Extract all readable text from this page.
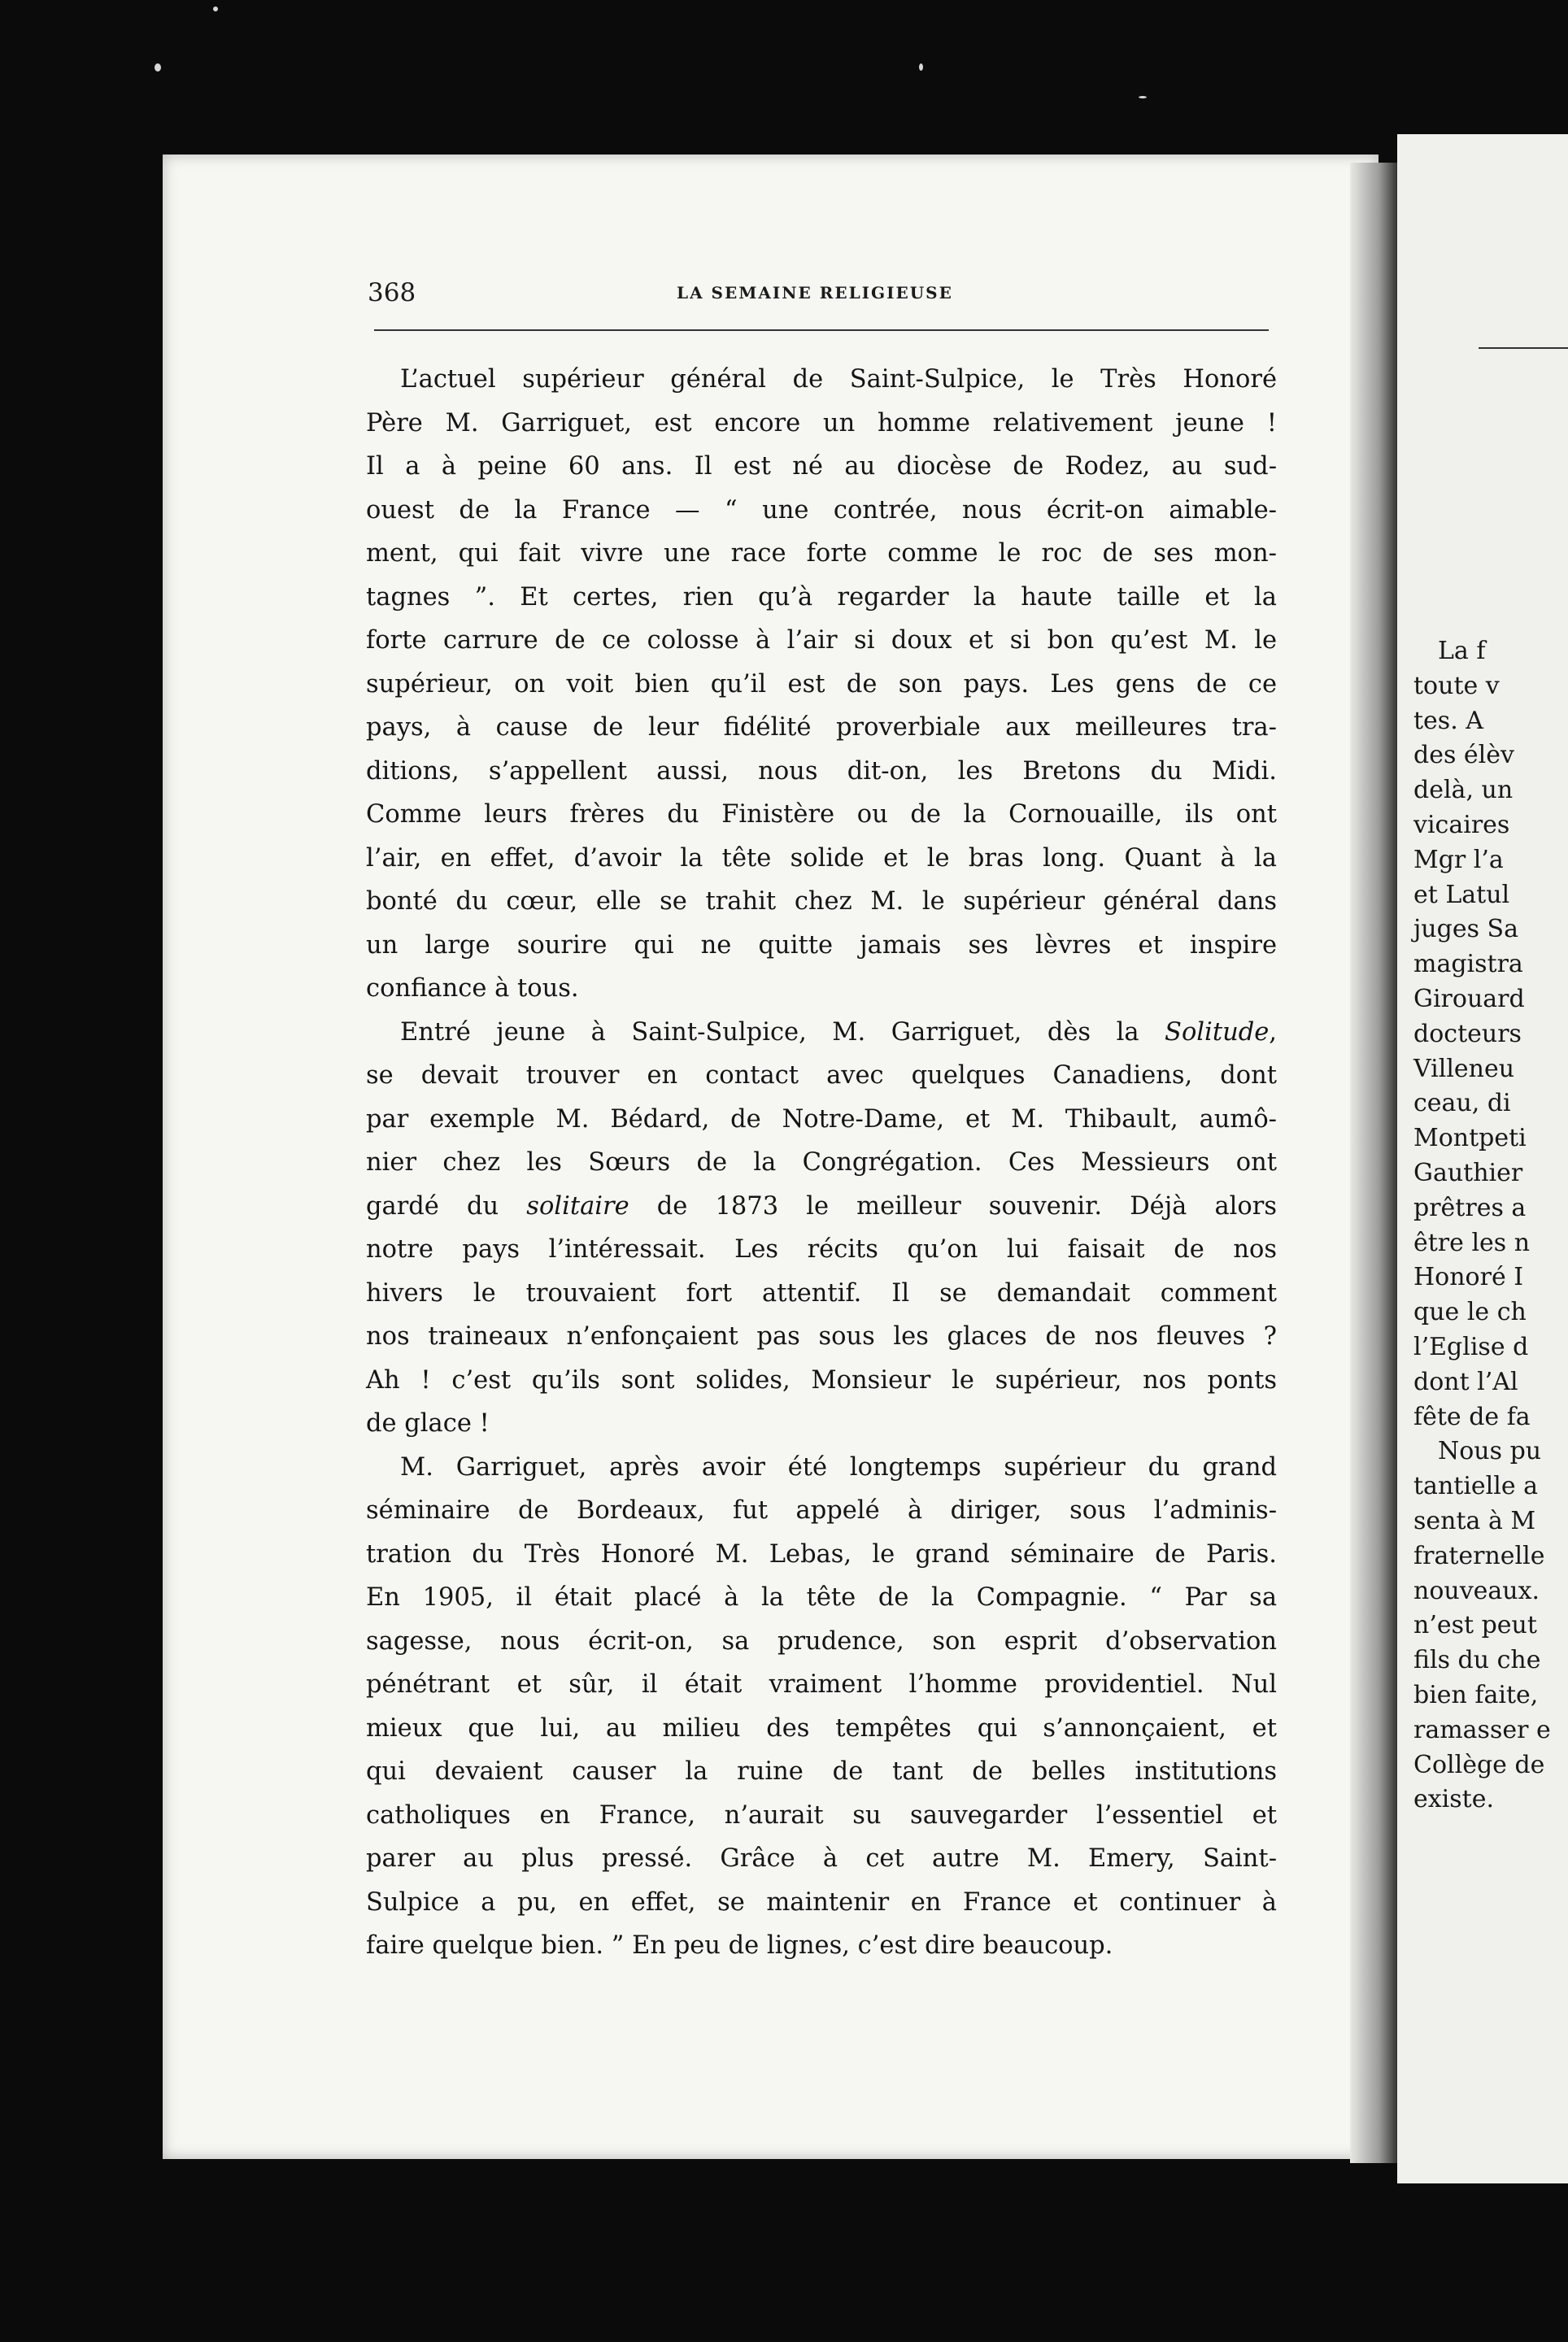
La f
toute v
tes. A
des élèv
delà, un
vicaires
Mgr l’a
et Latul
juges Sa
magistra
Girouard
docteurs
Villeneu
ceau, di
Montpeti
Gauthier
prêtres a
être les n
Honoré I
que le ch
l’Eglise d
dont l’Al
fête de fa
Nous pu
tantielle a
senta à M
fraternelle
nouveaux.
n’est peut
fils du che
bien faite,
ramasser e
Collège de
existe.
368	LA SEMAINE RELIGIEUSE
L’actuel supérieur général de Saint-Sulpice, le Très Honoré
Père M. Garriguet, est encore un homme relativement jeune !
Il a à peine 60 ans. Il est né au diocèse de Rodez, au sud-
ouest de la France — “ une contrée, nous écrit-on aimable-
ment, qui fait vivre une race forte comme le roc de ses mon-
tagnes ”. Et certes, rien qu’à regarder la haute taille et la
forte carrure de ce colosse à l’air si doux et si bon qu’est M. le
supérieur, on voit bien qu’il est de son pays. Les gens de ce
pays, à cause de leur fidélité proverbiale aux meilleures tra-
ditions, s’appellent aussi, nous dit-on, les Bretons du Midi.
Comme leurs frères du Finistère ou de la Cornouaille, ils ont
l’air, en effet, d’avoir la tête solide et le bras long. Quant à la
bonté du cœur, elle se trahit chez M. le supérieur général dans
un large sourire qui ne quitte jamais ses lèvres et inspire
confiance à tous.
Entré jeune à Saint-Sulpice, M. Garriguet, dès la Solitude,
se devait trouver en contact avec quelques Canadiens, dont
par exemple M. Bédard, de Notre-Dame, et M. Thibault, aumô-
nier chez les Sœurs de la Congrégation. Ces Messieurs ont
gardé du solitaire de 1873 le meilleur souvenir. Déjà alors
notre pays l’intéressait. Les récits qu’on lui faisait de nos
hivers le trouvaient fort attentif. Il se demandait comment
nos traineaux n’enfonçaient pas sous les glaces de nos fleuves ?
Ah ! c’est qu’ils sont solides, Monsieur le supérieur, nos ponts
de glace !
M. Garriguet, après avoir été longtemps supérieur du grand
séminaire de Bordeaux, fut appelé à diriger, sous l’adminis-
tration du Très Honoré M. Lebas, le grand séminaire de Paris.
En 1905, il était placé à la tête de la Compagnie. “ Par sa
sagesse, nous écrit-on, sa prudence, son esprit d’observation
pénétrant et sûr, il était vraiment l’homme providentiel. Nul
mieux que lui, au milieu des tempêtes qui s’annonçaient, et
qui devaient causer la ruine de tant de belles institutions
catholiques en France, n’aurait su sauvegarder l’essentiel et
parer au plus pressé. Grâce à cet autre M. Emery, Saint-
Sulpice a pu, en effet, se maintenir en France et continuer à
faire quelque bien. ” En peu de lignes, c’est dire beaucoup.
